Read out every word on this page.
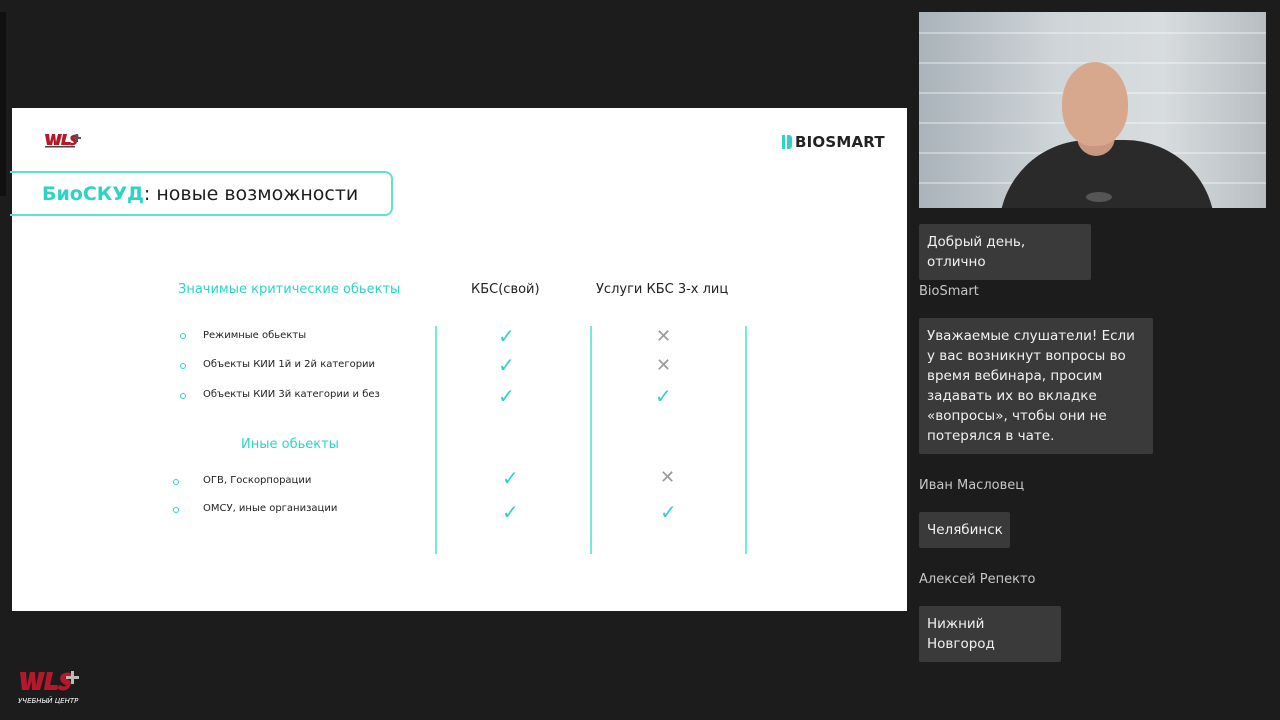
BIOSMART
БиоСКУД : новые возможности
Значимые критические обьекты	КБС(свой)	Услуги КБС 3-х лиц
Режимные обьекты	✓	✕
Объекты КИИ 1й и 2й категории	✓	✕
Объекты КИИ 3й категории и без	✓	✓
Иные обьекты
ОГВ, Госкорпорации	✓	✕
ОМСУ, иные организации	✓	✓
Добрый день, отлично
BioSmart
Уважаемые слушатели! Если у вас возникнут вопросы во время вебинара, просим задавать их во вкладке «вопросы», чтобы они не потерялся в чате.
Иван Масловец
Челябинск
Алексей Репекто
Нижний Новгород
УЧЕБНЫЙ ЦЕНТР
